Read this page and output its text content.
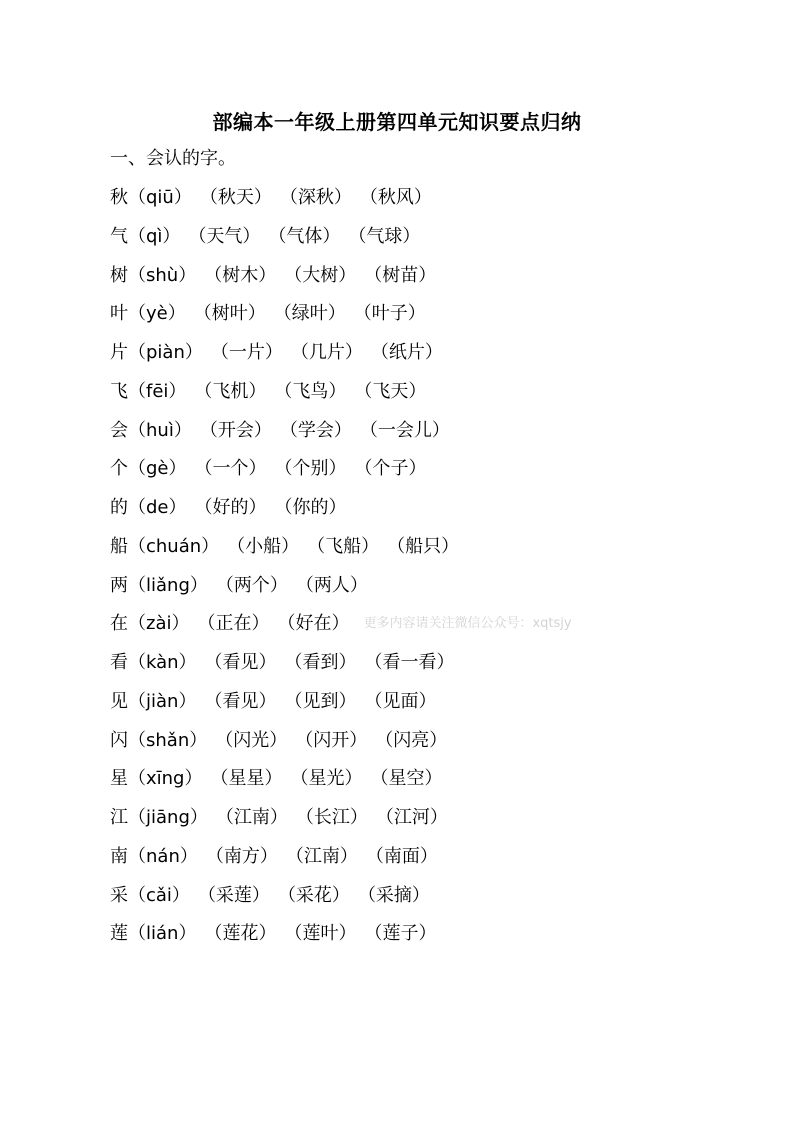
部编本一年级上册第四单元知识要点归纳
一、会认的字。
秋（qiū） （秋天） （深秋） （秋风）
气（qì） （天气） （气体） （气球）
树（shù） （树木） （大树） （树苗）
叶（yè） （树叶） （绿叶） （叶子）
片（piàn） （一片） （几片） （纸片）
飞（fēi） （飞机） （飞鸟） （飞天）
会（huì） （开会） （学会） （一会儿）
个（gè） （一个） （个别） （个子）
的（de） （好的） （你的）
船（chuán） （小船） （飞船） （船只）
两（liǎng） （两个） （两人）
在（zài） （正在） （好在） 更多内容请关注微信公众号：xqtsjy
看（kàn） （看见） （看到） （看一看）
见（jiàn） （看见） （见到） （见面）
闪（shǎn） （闪光） （闪开） （闪亮）
星（xīng） （星星） （星光） （星空）
江（jiāng） （江南） （长江） （江河）
南（nán） （南方） （江南） （南面）
采（cǎi） （采莲） （采花） （采摘）
莲（lián） （莲花） （莲叶） （莲子）
